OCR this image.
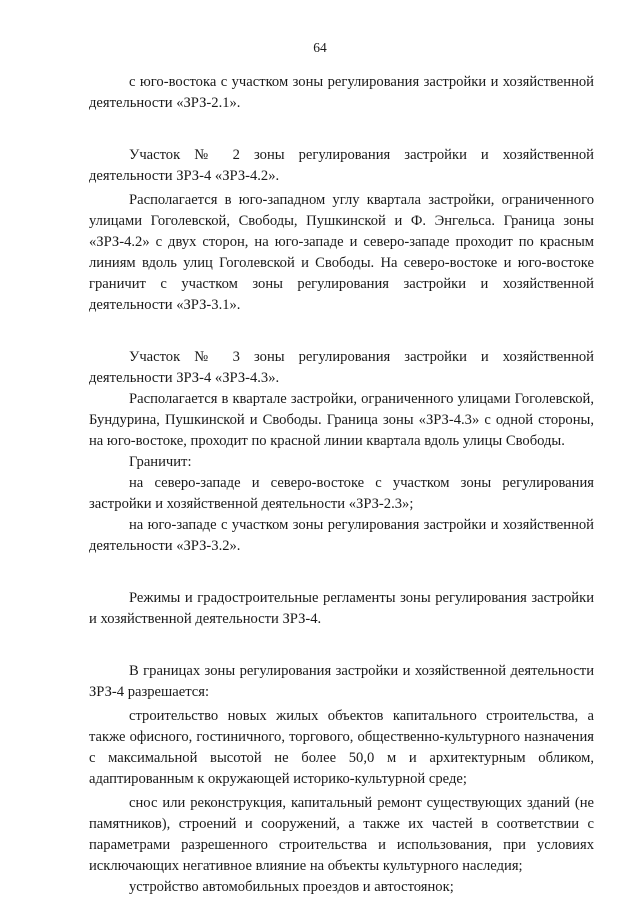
64

с юго-востока с участком зоны регулирования застройки и хозяйственной деятельности «ЗРЗ-2.1».

Участок № 2 зоны регулирования застройки и хозяйственной деятельности ЗРЗ-4 «ЗРЗ-4.2».

Располагается в юго-западном углу квартала застройки, ограниченного улицами Гоголевской, Свободы, Пушкинской и Ф. Энгельса. Граница зоны «ЗРЗ-4.2» с двух сторон, на юго-западе и северо-западе проходит по красным линиям вдоль улиц Гоголевской и Свободы. На северо-востоке и юго-востоке граничит с участком зоны регулирования застройки и хозяйственной деятельности «ЗРЗ-3.1».

Участок № 3 зоны регулирования застройки и хозяйственной деятельности ЗРЗ-4 «ЗРЗ-4.3».

Располагается в квартале застройки, ограниченного улицами Гоголевской, Бундурина, Пушкинской и Свободы. Граница зоны «ЗРЗ-4.3» с одной стороны, на юго-востоке, проходит по красной линии квартала вдоль улицы Свободы.

Граничит:

на северо-западе и северо-востоке с участком зоны регулирования застройки и хозяйственной деятельности «ЗРЗ-2.3»;

на юго-западе с участком зоны регулирования застройки и хозяйственной деятельности «ЗРЗ-3.2».

Режимы и градостроительные регламенты зоны регулирования застройки и хозяйственной деятельности ЗРЗ-4.

В границах зоны регулирования застройки и хозяйственной деятельности ЗРЗ-4 разрешается:

строительство новых жилых объектов капитального строительства, а также офисного, гостиничного, торгового, общественно-культурного назначения с максимальной высотой не более 50,0 м и архитектурным обликом, адаптированным к окружающей историко-культурной среде;

снос или реконструкция, капитальный ремонт существующих зданий (не памятников), строений и сооружений, а также их частей в соответствии с параметрами разрешенного строительства и использования, при условиях исключающих негативное влияние на объекты культурного наследия;

устройство автомобильных проездов и автостоянок;
